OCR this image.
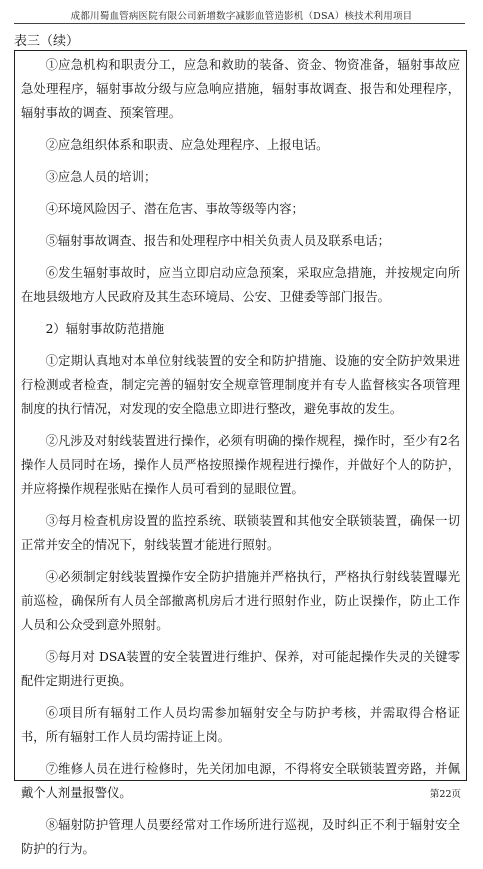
成都川蜀血管病医院有限公司新增数字减影血管造影机（DSA）核技术利用项目
表三（续）

①应急机构和职责分工，应急和救助的装备、资金、物资准备，辐射事故应急处理程序，辐射事故分级与应急响应措施，辐射事故调查、报告和处理程序，辐射事故的调查、预案管理。

②应急组织体系和职责、应急处理程序、上报电话。

③应急人员的培训；

④环境风险因子、潜在危害、事故等级等内容；

⑤辐射事故调查、报告和处理程序中相关负责人员及联系电话；

⑥发生辐射事故时，应当立即启动应急预案，采取应急措施，并按规定向所在地县级地方人民政府及其生态环境局、公安、卫健委等部门报告。

2）辐射事故防范措施

①定期认真地对本单位射线装置的安全和防护措施、设施的安全防护效果进行检测或者检查，制定完善的辐射安全规章管理制度并有专人监督核实各项管理制度的执行情况，对发现的安全隐患立即进行整改，避免事故的发生。

②凡涉及对射线装置进行操作，必须有明确的操作规程，操作时，至少有2名操作人员同时在场，操作人员严格按照操作规程进行操作，并做好个人的防护，并应将操作规程张贴在操作人员可看到的显眼位置。

③每月检查机房设置的监控系统、联锁装置和其他安全联锁装置，确保一切正常并安全的情况下，射线装置才能进行照射。

④必须制定射线装置操作安全防护措施并严格执行，严格执行射线装置曝光前巡检，确保所有人员全部撤离机房后才进行照射作业，防止误操作，防止工作人员和公众受到意外照射。

⑤每月对 DSA装置的安全装置进行维护、保养，对可能起操作失灵的关键零配件定期进行更换。

⑥项目所有辐射工作人员均需参加辐射安全与防护考核，并需取得合格证书，所有辐射工作人员均需持证上岗。

⑦维修人员在进行检修时，先关闭加电源，不得将安全联锁装置旁路，并佩戴个人剂量报警仪。

⑧辐射防护管理人员要经常对工作场所进行巡视，及时纠正不利于辐射安全防护的行为。

第22页
